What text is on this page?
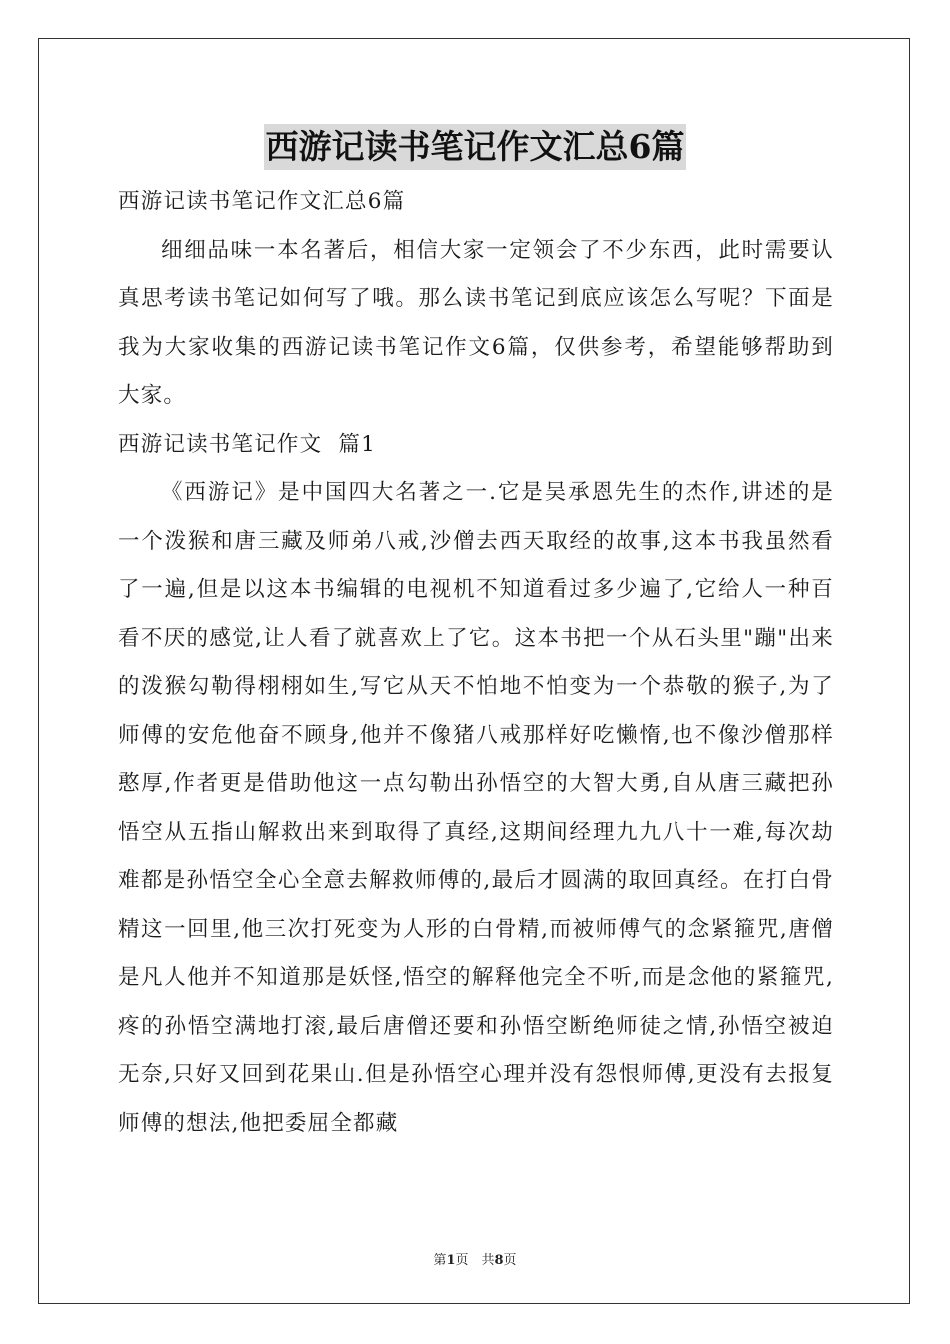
西游记读书笔记作文汇总6篇

西游记读书笔记作文汇总6篇

细细品味一本名著后，相信大家一定领会了不少东西，此时需要认真思考读书笔记如何写了哦。那么读书笔记到底应该怎么写呢？下面是我为大家收集的西游记读书笔记作文6篇，仅供参考，希望能够帮助到大家。

西游记读书笔记作文  篇1

《西游记》是中国四大名著之一.它是吴承恩先生的杰作,讲述的是一个泼猴和唐三藏及师弟八戒,沙僧去西天取经的故事,这本书我虽然看了一遍,但是以这本书编辑的电视机不知道看过多少遍了,它给人一种百看不厌的感觉,让人看了就喜欢上了它。这本书把一个从石头里"蹦"出来的泼猴勾勒得栩栩如生,写它从天不怕地不怕变为一个恭敬的猴子,为了师傅的安危他奋不顾身,他并不像猪八戒那样好吃懒惰,也不像沙僧那样憨厚,作者更是借助他这一点勾勒出孙悟空的大智大勇,自从唐三藏把孙悟空从五指山解救出来到取得了真经,这期间经理九九八十一难,每次劫难都是孙悟空全心全意去解救师傅的,最后才圆满的取回真经。在打白骨精这一回里,他三次打死变为人形的白骨精,而被师傅气的念紧箍咒,唐僧是凡人他并不知道那是妖怪,悟空的解释他完全不听,而是念他的紧箍咒,疼的孙悟空满地打滚,最后唐僧还要和孙悟空断绝师徒之情,孙悟空被迫无奈,只好又回到花果山.但是孙悟空心理并没有怨恨师傅,更没有去报复师傅的想法,他把委屈全都藏

第1页　共8页
